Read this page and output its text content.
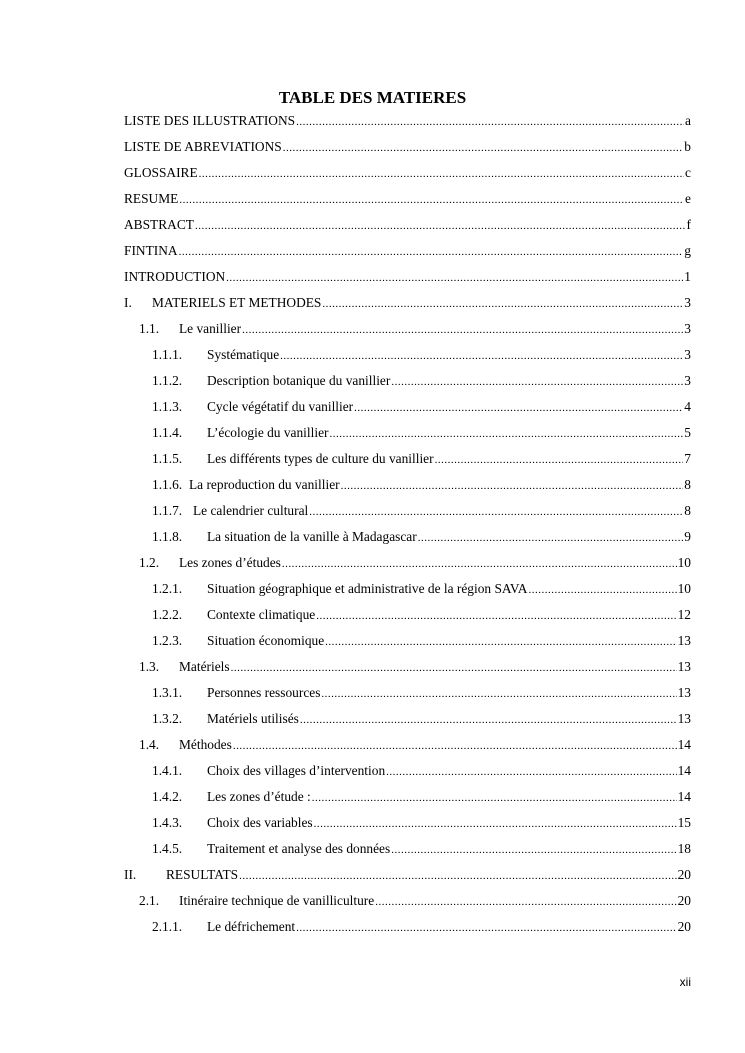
TABLE DES MATIERES
LISTE DES ILLUSTRATIONS .....	a
LISTE DE ABREVIATIONS .....	b
GLOSSAIRE .....	c
RESUME .....	e
ABSTRACT .....	f
FINTINA .....	g
INTRODUCTION .....	1
I.	MATERIELS ET METHODES .....	3
1.1.	Le vanillier .....	3
1.1.1.	Systématique .....	3
1.1.2.	Description botanique du vanillier .....	3
1.1.3.	Cycle végétatif du vanillier .....	4
1.1.4.	L’écologie du vanillier .....	5
1.1.5.	Les différents types de culture du vanillier .....	7
1.1.6. La reproduction du vanillier .....	8
1.1.7. Le calendrier cultural .....	8
1.1.8.	La situation de la vanille à Madagascar .....	9
1.2.	Les zones d’études .....	10
1.2.1.	Situation géographique et administrative de la région SAVA .....	10
1.2.2.	Contexte climatique .....	12
1.2.3.	Situation économique .....	13
1.3.	Matériels .....	13
1.3.1.	Personnes ressources .....	13
1.3.2.	Matériels utilisés .....	13
1.4.	Méthodes .....	14
1.4.1.	Choix des villages d’intervention .....	14
1.4.2.	Les zones d’étude : .....	14
1.4.3.	Choix des variables .....	15
1.4.5.	Traitement et analyse des données .....	18
II.	RESULTATS .....	20
2.1.	Itinéraire technique de vanilliculture .....	20
2.1.1.	Le défrichement .....	20
xii
